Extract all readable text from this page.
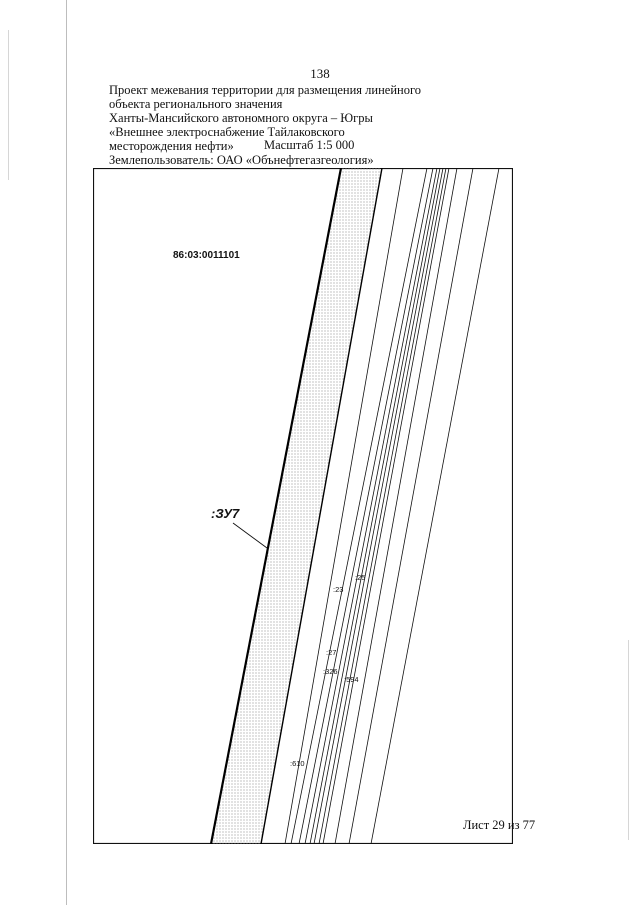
138
Проект межевания территории для размещения линейного
объекта регионального значения
Ханты-Мансийского автономного округа – Югры
«Внешнее электроснабжение Тайлаковского
месторождения нефти» Масштаб 1:5 000
Землепользователь: ОАО «Обънефтегазгеология»
86:03:0011101
:ЗУ7
:23
:25
:27
:326
:594
:610
Лист 29 из 77
